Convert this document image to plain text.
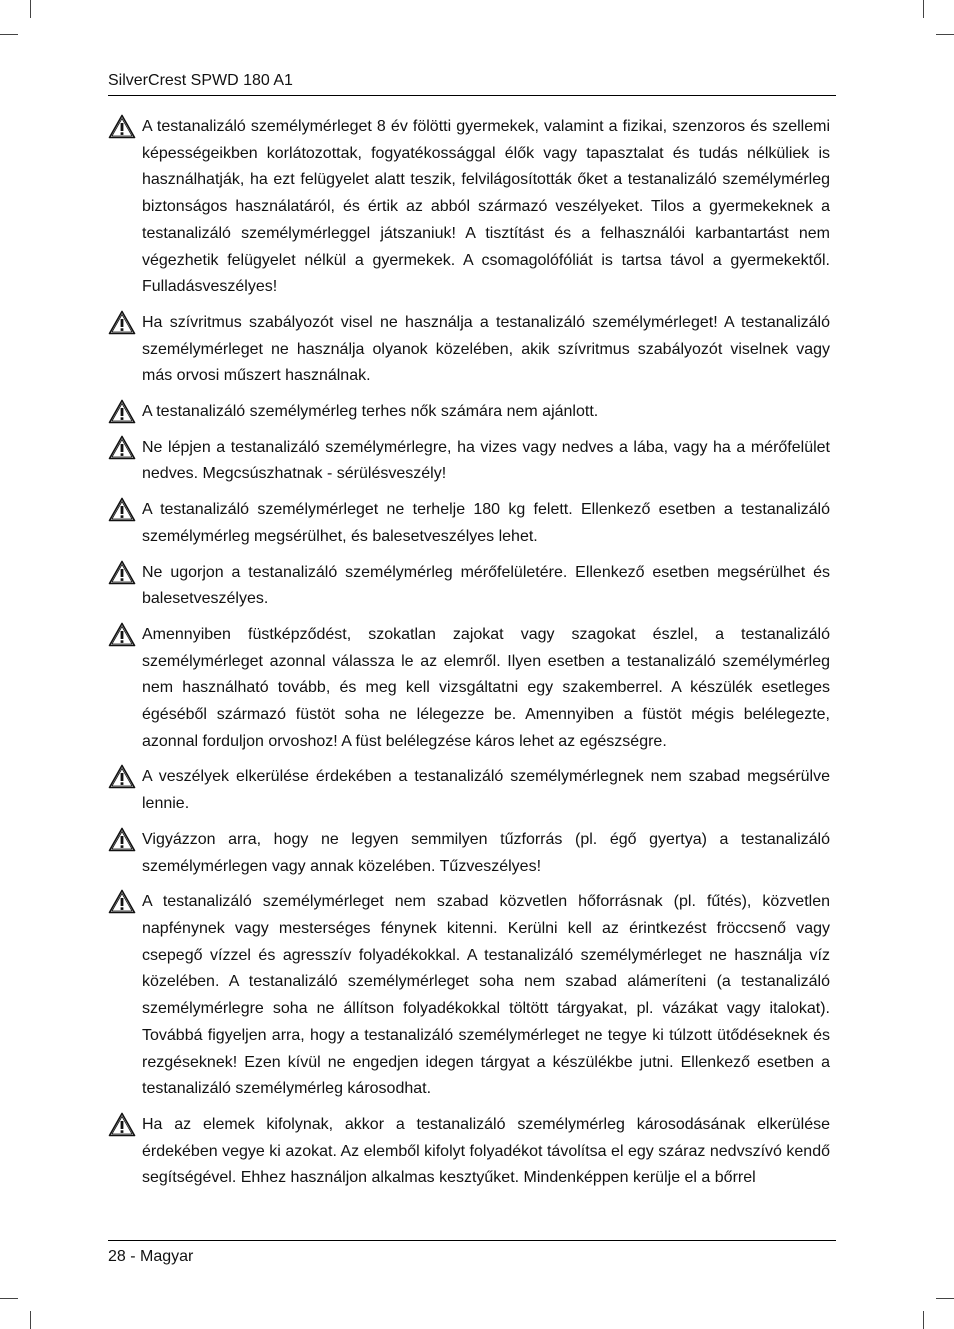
SilverCrest SPWD 180 A1

A testanalizáló személymérleget 8 év fölötti gyermekek, valamint a fizikai, szenzoros és szellemi képességeikben korlátozottak, fogyatékossággal élők vagy tapasztalat és tudás nélküliek is használhatják, ha ezt felügyelet alatt teszik, felvilágosították őket a testanalizáló személymérleg biztonságos használatáról, és értik az abból származó veszélyeket. Tilos a gyermekeknek a testanalizáló személymérleggel játszaniuk! A tisztítást és a felhasználói karbantartást nem végezhetik felügyelet nélkül a gyermekek. A csomagolófóliát is tartsa távol a gyermekektől. Fulladásveszélyes!

Ha szívritmus szabályozót visel ne használja a testanalizáló személymérleget! A testanalizáló személymérleget ne használja olyanok közelében, akik szívritmus szabályozót viselnek vagy más orvosi műszert használnak.

A testanalizáló személymérleg terhes nők számára nem ajánlott.

Ne lépjen a testanalizáló személymérlegre, ha vizes vagy nedves a lába, vagy ha a mérőfelület nedves. Megcsúszhatnak - sérülésveszély!

A testanalizáló személymérleget ne terhelje 180 kg felett. Ellenkező esetben a testanalizáló személymérleg megsérülhet, és balesetveszélyes lehet.

Ne ugorjon a testanalizáló személymérleg mérőfelületére. Ellenkező esetben megsérülhet és balesetveszélyes.

Amennyiben füstképződést, szokatlan zajokat vagy szagokat észlel, a testanalizáló személymérleget azonnal válassza le az elemről. Ilyen esetben a testanalizáló személymérleg nem használható tovább, és meg kell vizsgáltatni egy szakemberrel. A készülék esetleges égéséből származó füstöt soha ne lélegezze be. Amennyiben a füstöt mégis belélegezte, azonnal forduljon orvoshoz! A füst belélegzése káros lehet az egészségre.

A veszélyek elkerülése érdekében a testanalizáló személymérlegnek nem szabad megsérülve lennie.

Vigyázzon arra, hogy ne legyen semmilyen tűzforrás (pl. égő gyertya) a testanalizáló személymérlegen vagy annak közelében. Tűzveszélyes!

A testanalizáló személymérleget nem szabad közvetlen hőforrásnak (pl. fűtés), közvetlen napfénynek vagy mesterséges fénynek kitenni. Kerülni kell az érintkezést fröccsenő vagy csepegő vízzel és agresszív folyadékokkal. A testanalizáló személymérleget ne használja víz közelében. A testanalizáló személymérleget soha nem szabad alámeríteni (a testanalizáló személymérlegre soha ne állítson folyadékokkal töltött tárgyakat, pl. vázákat vagy italokat). Továbbá figyeljen arra, hogy a testanalizáló személymérleget ne tegye ki túlzott ütődéseknek és rezgéseknek! Ezen kívül ne engedjen idegen tárgyat a készülékbe jutni. Ellenkező esetben a testanalizáló személymérleg károsodhat.

Ha az elemek kifolynak, akkor a testanalizáló személymérleg károsodásának elkerülése érdekében vegye ki azokat. Az elemből kifolyt folyadékot távolítsa el egy száraz nedvszívó kendő segítségével. Ehhez használjon alkalmas kesztyűket. Mindenképpen kerülje el a bőrrel

28 - Magyar
